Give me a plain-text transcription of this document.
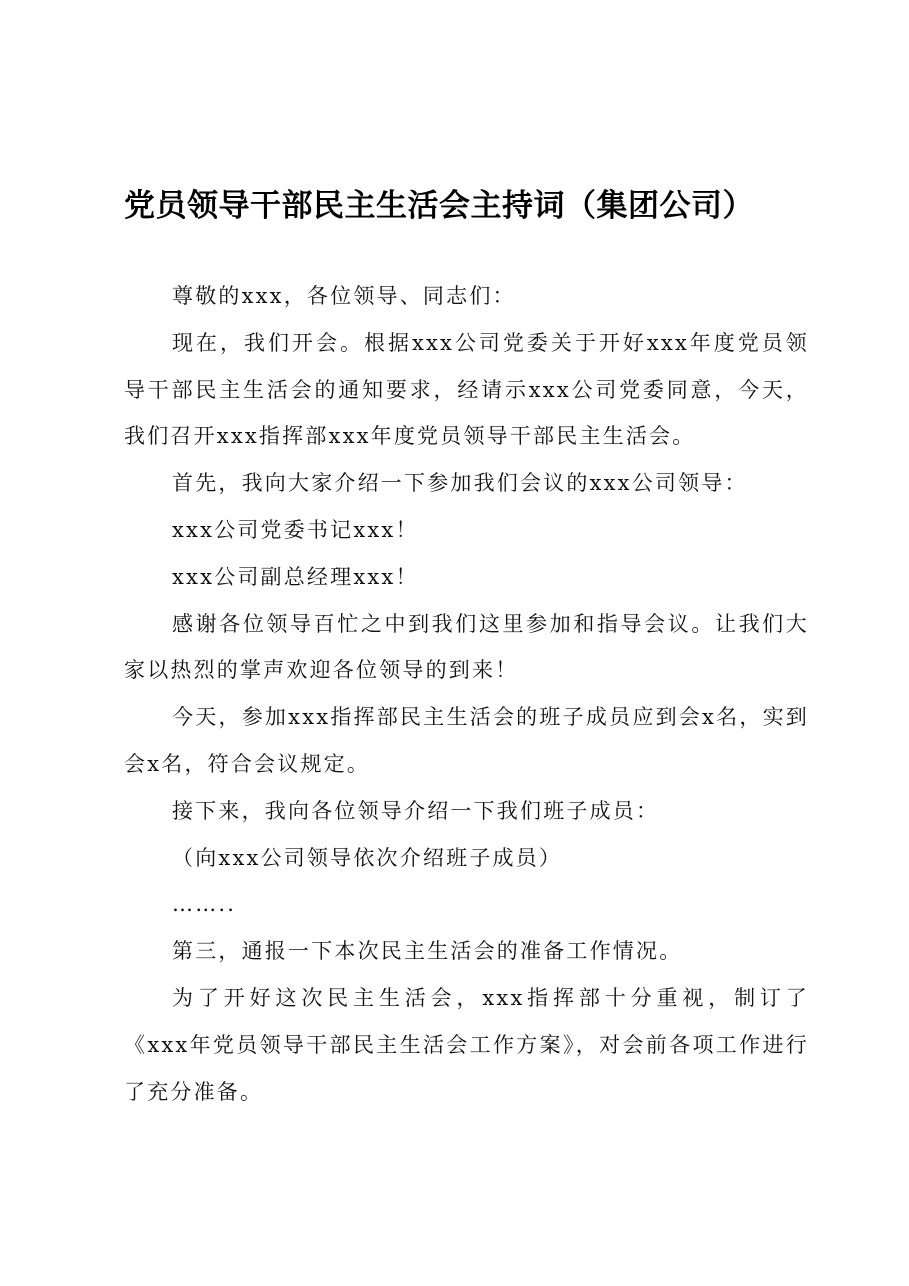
党员领导干部民主生活会主持词（集团公司）

尊敬的xxx，各位领导、同志们：

现在，我们开会。根据xxx公司党委关于开好xxx年度党员领导干部民主生活会的通知要求，经请示xxx公司党委同意，今天，我们召开xxx指挥部xxx年度党员领导干部民主生活会。

首先，我向大家介绍一下参加我们会议的xxx公司领导：

xxx公司党委书记xxx！

xxx公司副总经理xxx！

感谢各位领导百忙之中到我们这里参加和指导会议。让我们大家以热烈的掌声欢迎各位领导的到来！

今天，参加xxx指挥部民主生活会的班子成员应到会x名，实到会x名，符合会议规定。

接下来，我向各位领导介绍一下我们班子成员：

（向xxx公司领导依次介绍班子成员）

……..

第三，通报一下本次民主生活会的准备工作情况。

为了开好这次民主生活会，xxx指挥部十分重视，制订了《xxx年党员领导干部民主生活会工作方案》，对会前各项工作进行了充分准备。
